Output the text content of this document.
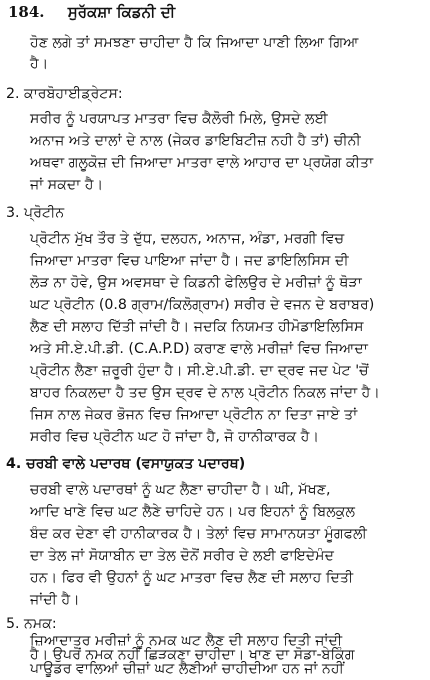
184. ਸੁਰੱਕਸ਼ਾ ਕਿਡਨੀ ਦੀ
ਹੋਣ ਲਗੇ ਤਾਂ ਸਮਝਣਾ ਚਾਹੀਦਾ ਹੈ ਕਿ ਜਿਆਦਾ ਪਾਣੀ ਲਿਆ ਗਿਆ
ਹੈ।
2. ਕਾਰਬੋਹਾਈਡ੍ਰੇਟਸ:
ਸਰੀਰ ਨੂੰ ਪਰਯਾਪਤ ਮਾਤਰਾ ਵਿਚ ਕੈਲੋਰੀ ਮਿਲੇ, ਉਸਦੇ ਲਈ
ਅਨਾਜ ਅਤੇ ਦਾਲਾਂ ਦੇ ਨਾਲ (ਜੇਕਰ ਡਾਇਬਿਟੀਜ਼ ਨਹੀ ਹੈ ਤਾਂ) ਚੀਨੀ
ਅਥਵਾ ਗਲੂਕੋਜ਼ ਦੀ ਜਿਆਦਾ ਮਾਤਰਾ ਵਾਲੇ ਆਹਾਰ ਦਾ ਪ੍ਰਯੋਗ ਕੀਤਾ
ਜਾਂ ਸਕਦਾ ਹੈ।
3. ਪ੍ਰੋਟੀਨ
ਪ੍ਰੋਟੀਨ ਮੁੱਖ ਤੌਰ ਤੇ ਦੁੱਧ, ਦਲਹਨ, ਅਨਾਜ, ਅੰਡਾ, ਮਰਗੀ ਵਿਚ
ਜਿਆਦਾ ਮਾਤਰਾ ਵਿਚ ਪਾਇਆ ਜਾਂਦਾ ਹੈ। ਜਦ ਡਾਇਲਿਸਿਸ ਦੀ
ਲੋੜ ਨਾ ਹੋਵੇ, ਉਸ ਅਵਸਥਾ ਦੇ ਕਿਡਨੀ ਫੇਲਿਉਰ ਦੇ ਮਰੀਜ਼ਾਂ ਨੂੰ ਥੋੜਾ
ਘਟ ਪ੍ਰੋਟੀਨ (0.8 ਗ੍ਰਾਮ/ਕਿਲੋਗ੍ਰਾਮ) ਸਰੀਰ ਦੇ ਵਜਨ ਦੇ ਬਰਾਬਰ)
ਲੈਣ ਦੀ ਸਲਾਹ ਦਿੱਤੀ ਜਾਂਦੀ ਹੈ। ਜਦਕਿ ਨਿਯਮਤ ਹੀਮੋਡਾਇਲਿਸਿਸ
ਅਤੇ ਸੀ.ਏ.ਪੀ.ਡੀ. (C.A.P.D) ਕਰਾਣ ਵਾਲੇ ਮਰੀਜ਼ਾਂ ਵਿਚ ਜਿਆਦਾ
ਪ੍ਰੋਟੀਨ ਲੈਣਾ ਜ਼ਰੂਰੀ ਹੁੰਦਾ ਹੈ। ਸੀ.ਏ.ਪੀ.ਡੀ. ਦਾ ਦ੍ਰਵ ਜਦ ਪੇਟ 'ਚੋਂ
ਬਾਹਰ ਨਿਕਲਦਾ ਹੈ ਤਦ ਉਸ ਦ੍ਰਵ ਦੇ ਨਾਲ ਪ੍ਰੋਟੀਨ ਨਿਕਲ ਜਾਂਦਾ ਹੈ।
ਜਿਸ ਨਾਲ ਜੇਕਰ ਭੋਜਨ ਵਿਚ ਜਿਆਦਾ ਪ੍ਰੋਟੀਨ ਨਾ ਦਿਤਾ ਜਾਏ ਤਾਂ
ਸਰੀਰ ਵਿਚ ਪ੍ਰੋਟੀਨ ਘਟ ਹੋ ਜਾਂਦਾ ਹੈ, ਜੋ ਹਾਨੀਕਾਰਕ ਹੈ।
4. ਚਰਬੀ ਵਾਲੇ ਪਦਾਰਥ (ਵਸਾਯੁਕਤ ਪਦਾਰਥ)
ਚਰਬੀ ਵਾਲੇ ਪਦਾਰਥਾਂ ਨੂੰ ਘਟ ਲੈਣਾ ਚਾਹੀਦਾ ਹੈ। ਘੀ, ਮੱਖਣ,
ਆਦਿ ਖਾਣੇ ਵਿਚ ਘਟ ਲੈਣੇ ਚਾਹਿਦੇ ਹਨ। ਪਰ ਇਹਨਾਂ ਨੂੰ ਬਿਲਕੁਲ
ਬੰਦ ਕਰ ਦੇਣਾ ਵੀ ਹਾਨੀਕਾਰਕ ਹੈ। ਤੇਲਾਂ ਵਿਚ ਸਾਮਾਨਯਤਾ ਮੂੰਗਫਲੀ
ਦਾ ਤੇਲ ਜਾਂ ਸੋਯਾਬੀਨ ਦਾ ਤੇਲ ਦੋਨੋਂ ਸਰੀਰ ਦੇ ਲਈ ਫਾਇਦੇਮੰਦ
ਹਨ। ਫਿਰ ਵੀ ਉਹਨਾਂ ਨੂੰ ਘਟ ਮਾਤਰਾ ਵਿਚ ਲੈਣ ਦੀ ਸਲਾਹ ਦਿਤੀ
ਜਾਂਦੀ ਹੈ।
5. ਨਮਕ:
ਜ਼ਿਆਦਾਤਰ ਮਰੀਜ਼ਾਂ ਨੂੰ ਨਮਕ ਘਟ ਲੈਣ ਦੀ ਸਲਾਹ ਦਿਤੀ ਜਾਂਦੀ
ਹੈ। ਉਪਰੋਂ ਨਮਕ ਨਹੀਂ ਛਿੜਕਣਾ ਚਾਹੀਦਾ। ਖਾਣ ਦਾ ਸੋਡਾ-ਬੇਕਿੰਗ
ਪਾਊਡਰ ਵਾਲਿਆਂ ਚੀਜ਼ਾਂ ਘਟ ਲੈਣੀਆਂ ਚਾਹੀਦੀਆ ਹਨ ਜਾਂ ਨਹੀਂ
